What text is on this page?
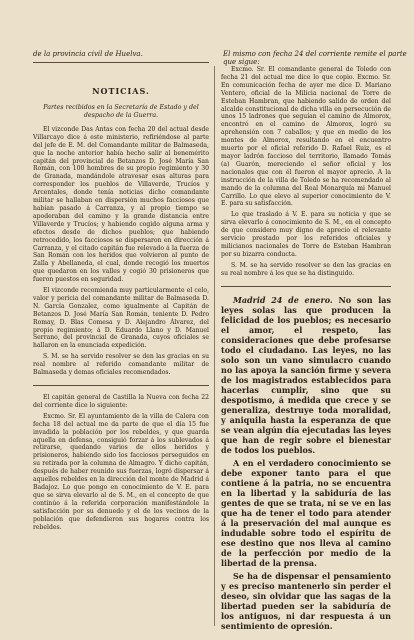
de la provincia civil de Huelva.	El mismo con fecha 24 del corriente remite el parte que sigue:
NOTICIAS.
Partes recibidos en la Secretaría de Estado y del despacho de la Guerra.

El vizconde Das Antas con fecha 20 del actual desde Villarcayo dice á este ministerio, refiriéndose al parte del jefe de E. M. del Comandante militar de Balmaseda, que la noche anterior había hecho salir al benemérito capitán del provincial de Betanzos D. José María San Román, con 100 hombres de su propio regimiento y 30 de Granada, mandándole atravesar esas alturas para corresponder los pueblos de Villaverde, Trucíos y Arcentales, donde tenía noticias dicho comandante militar se hallaban en dispersión muchos facciosos que habían pasado á Carranza, y al propio tiempo se apoderaban del camino y la grande distancia entre Villaverde y Trucíos; y habiendo cogido alguna arma y efectos desde de dichos pueblos; que habiendo retrocedido, los facciosos se dispersaron en dirección á Carranza, y el citado capitán fue relevado á la fuerza de San Román con los heridos que volvieron al punto de Zalla y Abellaneda, el cual, donde recogió los muertos que quedaron en los valles y cogió 30 prisioneros que fueron puestos en seguridad.

El vizconde recomienda muy particularmente el celo, valor y pericia del comandante militar de Balmaseda D. N. García Gonzalez, como igualmente al Capitán de Betanzos D. José María San Román, teniente D. Pedro Romay, D. Blas Comesa y D. Alejandro Álvarez, del propio regimiento; á D. Eduardo Llano y D. Manuel Serrano, del provincial de Granada, cuyos oficiales se hallaron en la enunciada expedición.

S. M. se ha servido resolver se den las gracias en su real nombre al referido comandante militar de Balmaseda y demas oficiales recomendados.

El capitán general de Castilla la Nueva con fecha 22 del corriente dice lo siguiente:

Excmo. Sr. El ayuntamiento de la villa de Calera con fecha 18 del actual me da parte de que el día 15 fue invadida la población por los rebeldes, y que guarda aquella en defensa, consiguió forzar á los sublevados á retirarse, quedando varios de ellos heridos y prisioneros, habiendo sido los facciosos perseguidos en su retirada por la columna de Almagro. Y dicho capitán, después de haber reunido sus fuerzas, logró dispersar á aquellos rebeldes en la dirección del monte de Madrid á Badajoz. Lo que pongo en conocimiento de V. E. para que se sirva elevarlo al de S. M., en el concepto de que continúo á la referida corporación manifestándole la satisfacción por su denuedo y el de los vecinos de la población que defendieron sus hogares contra los rebeldes.

Excmo. Sr. El comandante general de Toledo con fecha 21 del actual me dice lo que copio. Excmo. Sr. En comunicación fecha de ayer me dice D. Mariano Ventero, oficial de la Milicia nacional de Torre de Esteban Hambran, que habiendo salido de orden del alcalde constitucional de dicha villa en persecución de unos 15 ladrones que seguían el camino de Almorox, encontró en el camino de Almorox, logró su aprehensión con 7 caballos; y que en medio de los montes de Almorox, resultando en el encuentro muerto por el oficial referido D. Rafael Ruiz, es el mayor ladrón faccioso del territorio, llamado Tomás (a) Guarón, mereciendo el señor oficial y los nacionales que con él fueron el mayor aprecio. A la instrucción de la villa de Toledo se ha recomendado al mando de la columna del Real Monarquía mi Manuel Carrillo. Lo que elevo al superior conocimiento de V. E. para su satisfacción.

Lo que traslado á V. E. para su noticia y que se sirva elevarlo á conocimiento de S. M., en el concepto de que considero muy digno de aprecio el relevante servicio prestado por los referidos oficiales y milicianos nacionales de Torre de Esteban Hambran por su bizarra conducta.

S. M. se ha servido resolver se den las gracias en su real nombre á los que se ha distinguido.

Madrid 24 de enero. No son las leyes solas las que producen la felicidad de los pueblos; es necesario el amor, el respeto, las consideraciones que debe profesarse todo el ciudadano. Las leyes, no las solo son un vano simulacro cuando no las apoya la sanción firme y severa de los magistrados establecidos para hacerlas cumplir, sino que su despotismo, á medida que crece y se generaliza, destruye toda moralidad, y aniquila hasta la esperanza de que se vean algún día ejecutadas las leyes que han de regir sobre el bienestar de todos los pueblos.

A en el verdadero conocimiento se debe exponer tanto para el que contiene á la patria, no se encuentra en la libertad y la sabiduría de las gentes de que se trata, ni se ve en las que ha de tener el todo para atender á la preservación del mal aunque es indudable sobre todo el espíritu de ese destino que nos lleva al camino de la perfección por medio de la libertad de la prensa.

Se ha de dispensar el pensamiento y es preciso mantenerlo sin perder el deseo, sin olvidar que las sagas de la libertad pueden ser la sabiduría de los antiguos, ni dar respuesta á un sentimiento de opresión.
